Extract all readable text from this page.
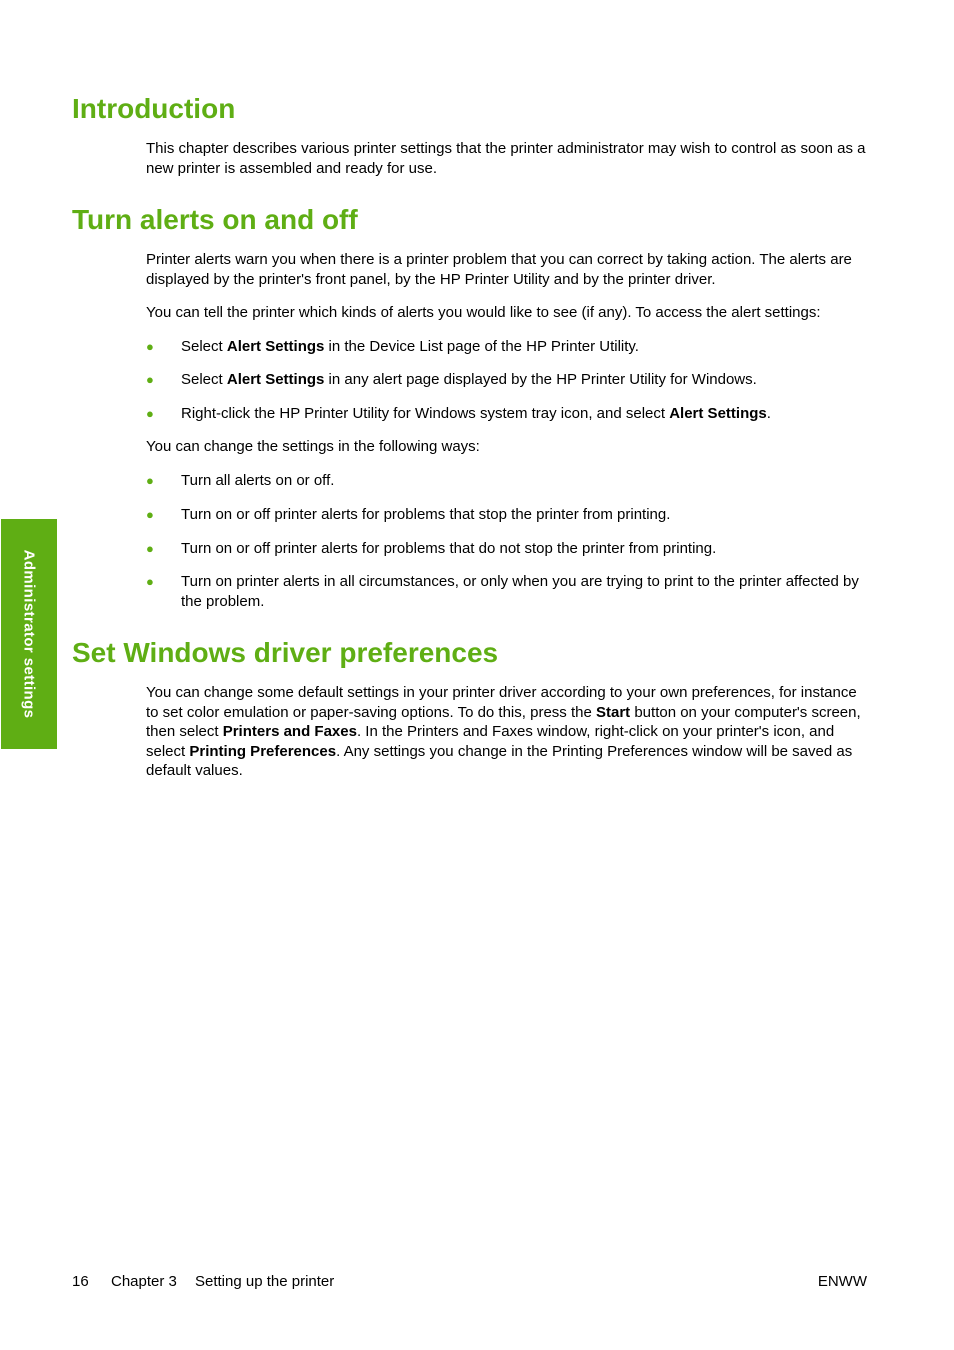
Administrator settings
Introduction

This chapter describes various printer settings that the printer administrator may wish to control as soon as a new printer is assembled and ready for use.

Turn alerts on and off

Printer alerts warn you when there is a printer problem that you can correct by taking action. The alerts are displayed by the printer's front panel, by the HP Printer Utility and by the printer driver.

You can tell the printer which kinds of alerts you would like to see (if any). To access the alert settings:

● Select Alert Settings in the Device List page of the HP Printer Utility.
● Select Alert Settings in any alert page displayed by the HP Printer Utility for Windows.
● Right-click the HP Printer Utility for Windows system tray icon, and select Alert Settings.

You can change the settings in the following ways:

● Turn all alerts on or off.
● Turn on or off printer alerts for problems that stop the printer from printing.
● Turn on or off printer alerts for problems that do not stop the printer from printing.
● Turn on printer alerts in all circumstances, or only when you are trying to print to the printer affected by the problem.
Set Windows driver preferences

You can change some default settings in your printer driver according to your own preferences, for instance to set color emulation or paper-saving options. To do this, press the Start button on your computer's screen, then select Printers and Faxes. In the Printers and Faxes window, right-click on your printer's icon, and select Printing Preferences. Any settings you change in the Printing Preferences window will be saved as default values.

16 Chapter 3 Setting up the printer	ENWW
